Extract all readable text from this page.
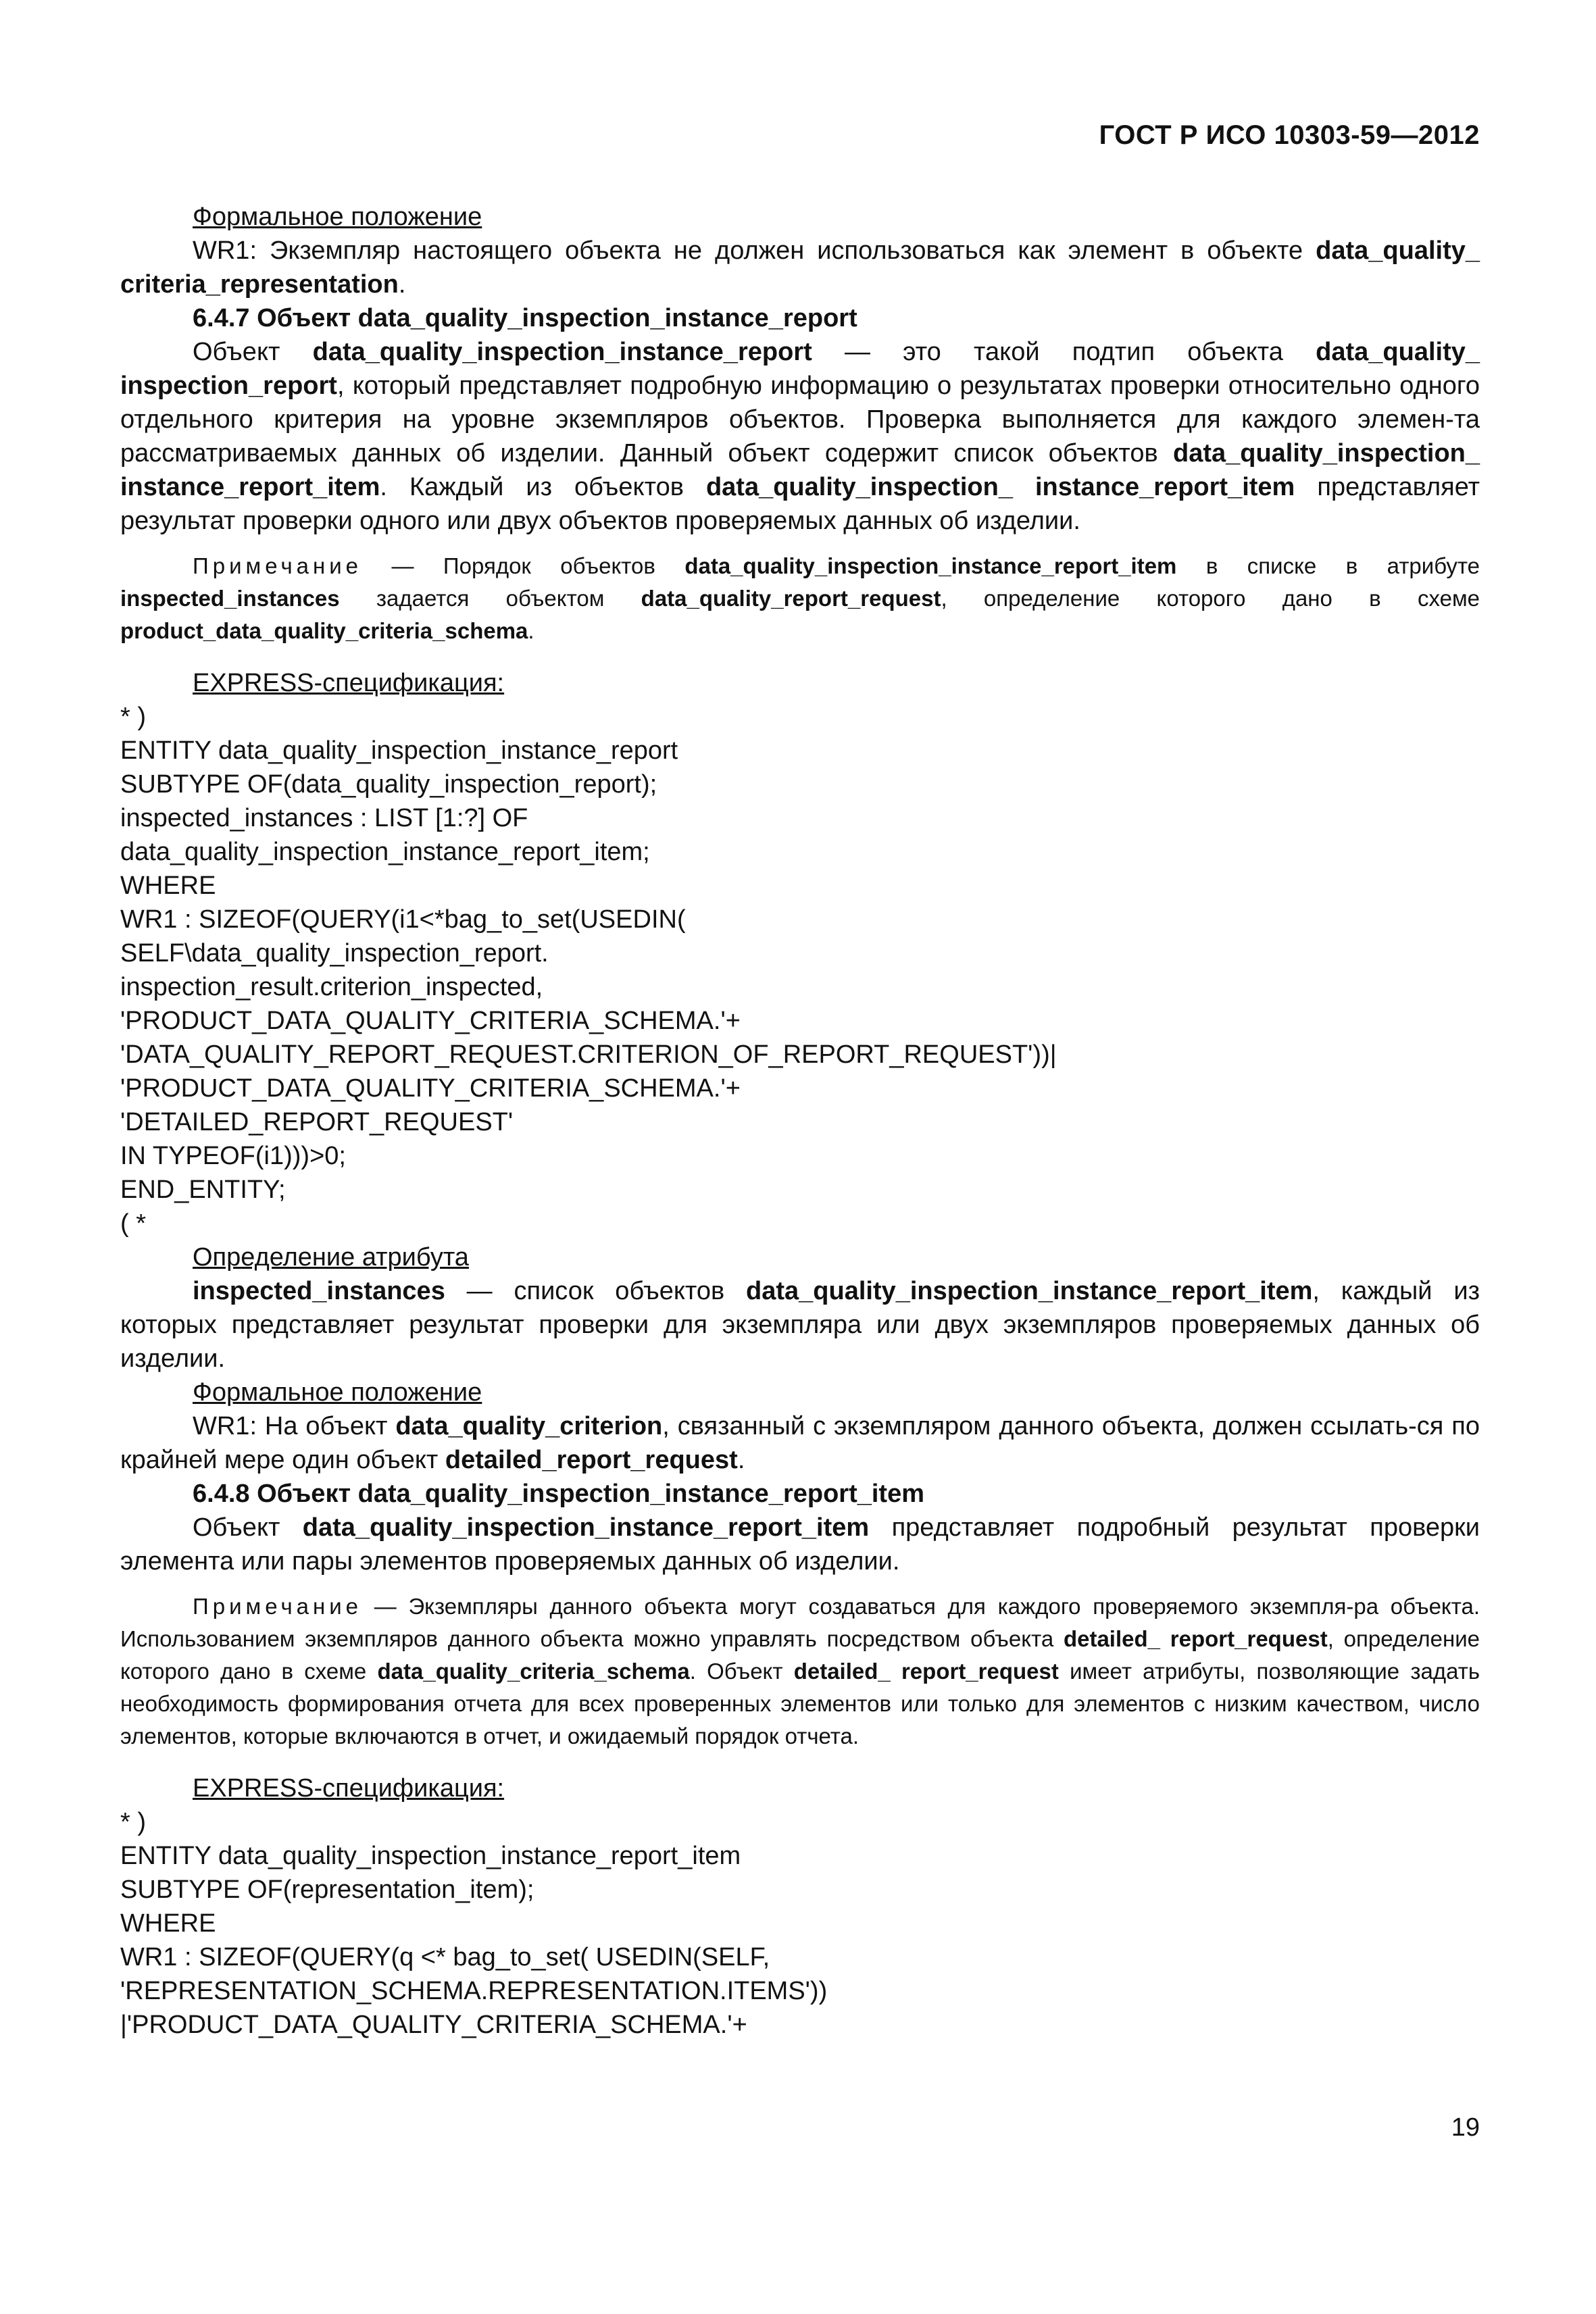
ГОСТ Р ИСО 10303-59—2012

Формальное положение

WR1: Экземпляр настоящего объекта не должен использоваться как элемент в объекте data_quality_ criteria_representation.

6.4.7 Объект data_quality_inspection_instance_report

Объект data_quality_inspection_instance_report — это такой подтип объекта data_quality_ inspection_report, который представляет подробную информацию о результатах проверки относительно одного отдельного критерия на уровне экземпляров объектов. Проверка выполняется для каждого элемен-та рассматриваемых данных об изделии. Данный объект содержит список объектов data_quality_inspection_ instance_report_item. Каждый из объектов data_quality_inspection_ instance_report_item представляет результат проверки одного или двух объектов проверяемых данных об изделии.

Примечание — Порядок объектов data_quality_inspection_instance_report_item в списке в атрибуте inspected_instances задается объектом data_quality_report_request, определение которого дано в схеме product_data_quality_criteria_schema.

EXPRESS-спецификация:

* )
ENTITY data_quality_inspection_instance_report
SUBTYPE OF(data_quality_inspection_report);
inspected_instances : LIST [1:?] OF
data_quality_inspection_instance_report_item;
WHERE
WR1 : SIZEOF(QUERY(i1<*bag_to_set(USEDIN(
SELF\data_quality_inspection_report.
inspection_result.criterion_inspected,
'PRODUCT_DATA_QUALITY_CRITERIA_SCHEMA.'+
'DATA_QUALITY_REPORT_REQUEST.CRITERION_OF_REPORT_REQUEST'))|
'PRODUCT_DATA_QUALITY_CRITERIA_SCHEMA.'+
'DETAILED_REPORT_REQUEST'
IN TYPEOF(i1)))>0;
END_ENTITY;
( *

Определение атрибута

inspected_instances — список объектов data_quality_inspection_instance_report_item, каждый из которых представляет результат проверки для экземпляра или двух экземпляров проверяемых данных об изделии.

Формальное положение

WR1: На объект data_quality_criterion, связанный с экземпляром данного объекта, должен ссылать-ся по крайней мере один объект detailed_report_request.

6.4.8 Объект data_quality_inspection_instance_report_item

Объект data_quality_inspection_instance_report_item представляет подробный результат проверки элемента или пары элементов проверяемых данных об изделии.

Примечание — Экземпляры данного объекта могут создаваться для каждого проверяемого экземпля-ра объекта. Использованием экземпляров данного объекта можно управлять посредством объекта detailed_ report_request, определение которого дано в схеме data_quality_criteria_schema. Объект detailed_ report_request имеет атрибуты, позволяющие задать необходимость формирования отчета для всех проверенных элементов или только для элементов с низким качеством, число элементов, которые включаются в отчет, и ожидаемый порядок отчета.

EXPRESS-спецификация:

* )
ENTITY data_quality_inspection_instance_report_item
SUBTYPE OF(representation_item);
WHERE
WR1 : SIZEOF(QUERY(q <* bag_to_set( USEDIN(SELF,
'REPRESENTATION_SCHEMA.REPRESENTATION.ITEMS'))
|'PRODUCT_DATA_QUALITY_CRITERIA_SCHEMA.'+
19
